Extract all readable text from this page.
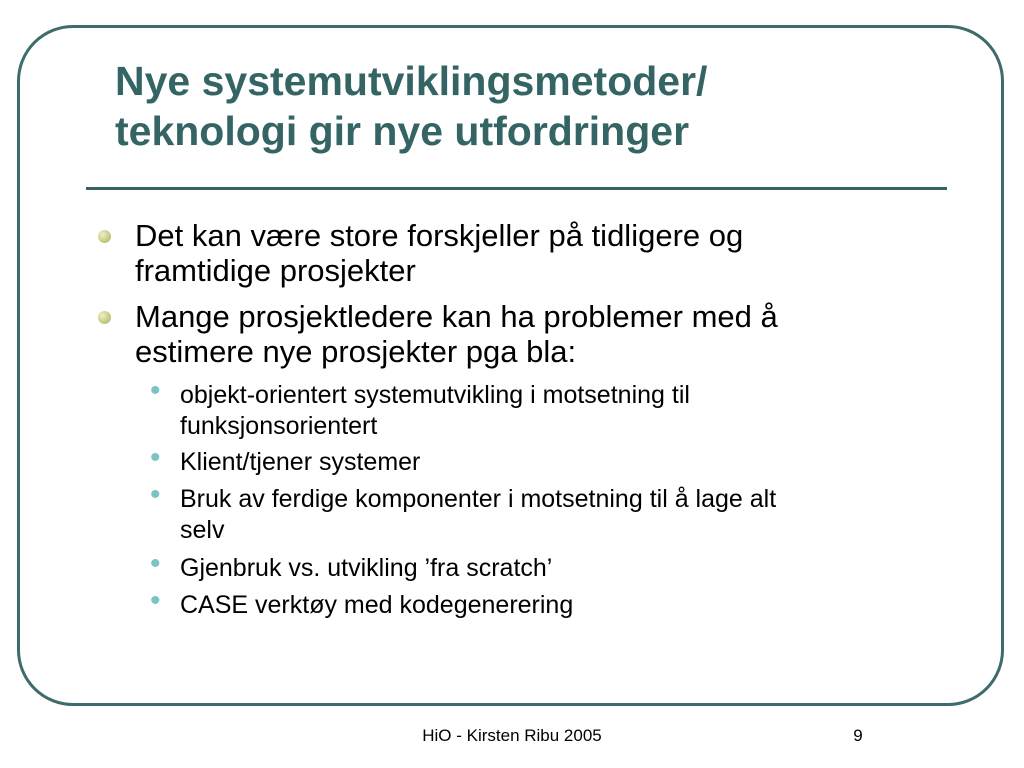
Nye systemutviklingsmetoder/
teknologi gir nye utfordringer
Det kan være store forskjeller på tidligere og
framtidige prosjekter
Mange prosjektledere kan ha problemer med å
estimere nye prosjekter pga bla:
• objekt-orientert systemutvikling i motsetning til
funksjonsorientert
• Klient/tjener systemer
• Bruk av ferdige komponenter i motsetning til å lage alt
selv
• Gjenbruk vs. utvikling ’fra scratch’
• CASE verktøy med kodegenerering
HiO - Kirsten Ribu 2005	9
